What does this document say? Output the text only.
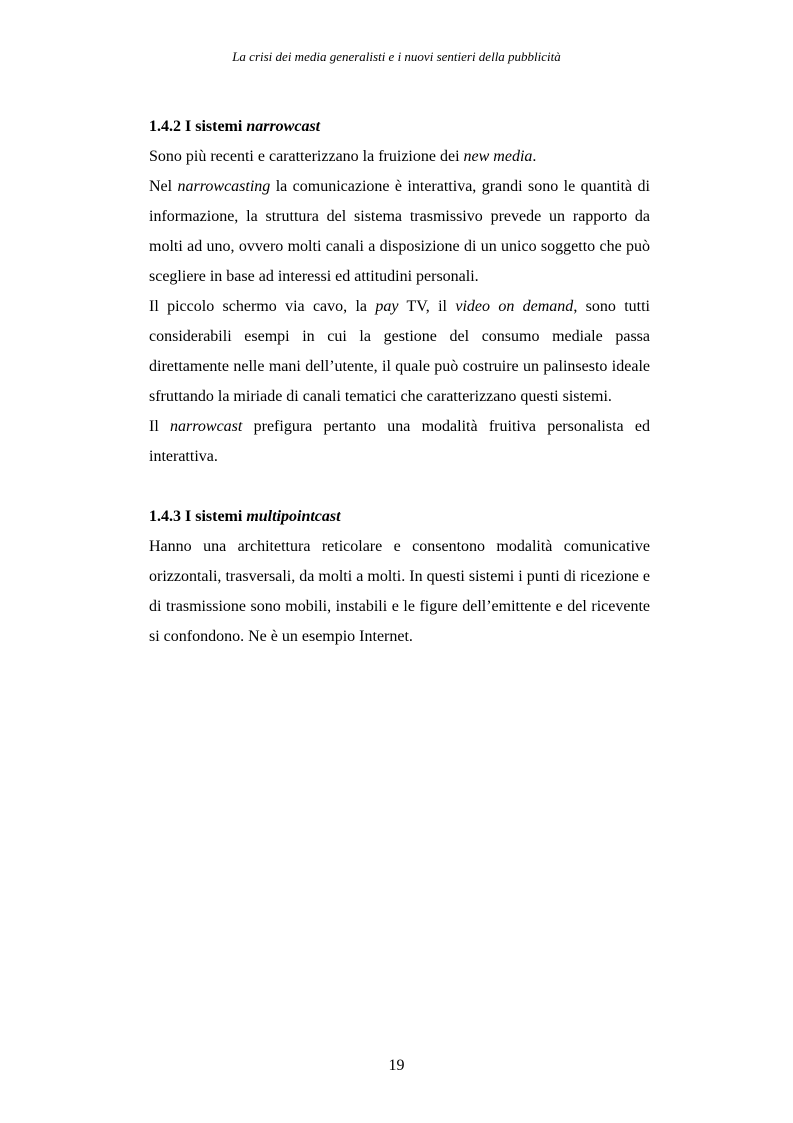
La crisi dei media generalisti e i nuovi sentieri della pubblicità
1.4.2 I sistemi narrowcast

Sono più recenti e caratterizzano la fruizione dei new media.

Nel narrowcasting la comunicazione è interattiva, grandi sono le quantità di informazione, la struttura del sistema trasmissivo prevede un rapporto da molti ad uno, ovvero molti canali a disposizione di un unico soggetto che può scegliere in base ad interessi ed attitudini personali.

Il piccolo schermo via cavo, la pay TV, il video on demand, sono tutti considerabili esempi in cui la gestione del consumo mediale passa direttamente nelle mani dell’utente, il quale può costruire un palinsesto ideale sfruttando la miriade di canali tematici che caratterizzano questi sistemi.

Il narrowcast prefigura pertanto una modalità fruitiva personalista ed interattiva.

1.4.3 I sistemi multipointcast

Hanno una architettura reticolare e consentono modalità comunicative orizzontali, trasversali, da molti a molti. In questi sistemi i punti di ricezione e di trasmissione sono mobili, instabili e le figure dell’emittente e del ricevente si confondono. Ne è un esempio Internet.

19
